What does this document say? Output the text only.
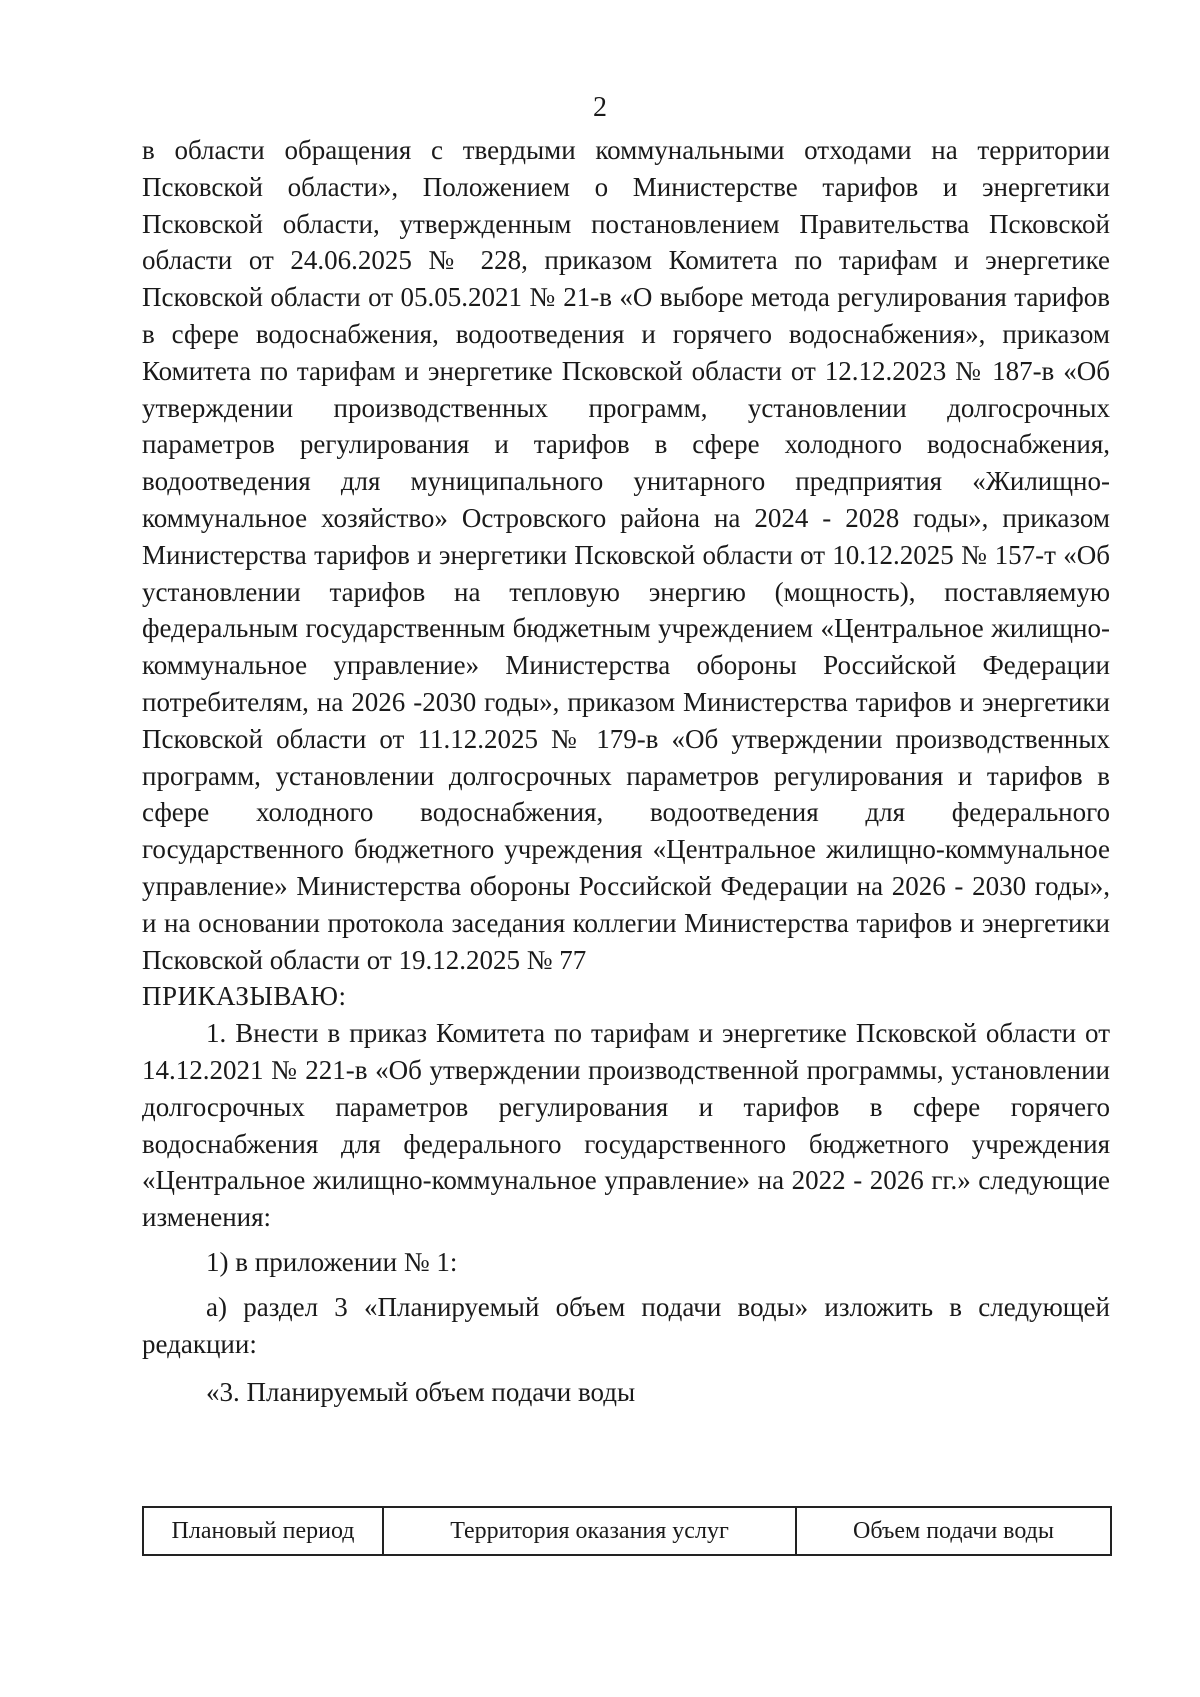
2

в области обращения с твердыми коммунальными отходами на территории Псковской области», Положением о Министерстве тарифов и энергетики Псковской области, утвержденным постановлением Правительства Псковской области от 24.06.2025 № 228, приказом Комитета по тарифам и энергетике Псковской области от 05.05.2021 № 21-в «О выборе метода регулирования тарифов в сфере водоснабжения, водоотведения и горячего водоснабжения», приказом Комитета по тарифам и энергетике Псковской области от 12.12.2023 № 187-в «Об утверждении производственных программ, установлении долгосрочных параметров регулирования и тарифов в сфере холодного водоснабжения, водоотведения для муниципального унитарного предприятия «Жилищно-коммунальное хозяйство» Островского района на 2024 - 2028 годы», приказом Министерства тарифов и энергетики Псковской области от 10.12.2025 № 157-т «Об установлении тарифов на тепловую энергию (мощность), поставляемую федеральным государственным бюджетным учреждением «Центральное жилищно-коммунальное управление» Министерства обороны Российской Федерации потребителям, на 2026 -2030 годы», приказом Министерства тарифов и энергетики Псковской области от 11.12.2025 № 179-в «Об утверждении производственных программ, установлении долгосрочных параметров регулирования и тарифов в сфере холодного водоснабжения, водоотведения для федерального государственного бюджетного учреждения «Центральное жилищно-коммунальное управление» Министерства обороны Российской Федерации на 2026 - 2030 годы», и на основании протокола заседания коллегии Министерства тарифов и энергетики Псковской области от 19.12.2025 № 77

ПРИКАЗЫВАЮ:

1. Внести в приказ Комитета по тарифам и энергетике Псковской области от 14.12.2021 № 221-в «Об утверждении производственной программы, установлении долгосрочных параметров регулирования и тарифов в сфере горячего водоснабжения для федерального государственного бюджетного учреждения «Центральное жилищно-коммунальное управление» на 2022 - 2026 гг.» следующие изменения:

1) в приложении № 1:

а) раздел 3 «Планируемый объем подачи воды» изложить в следующей редакции:

«3. Планируемый объем подачи воды

Плановый период	Территория оказания услуг	Объем подачи воды
